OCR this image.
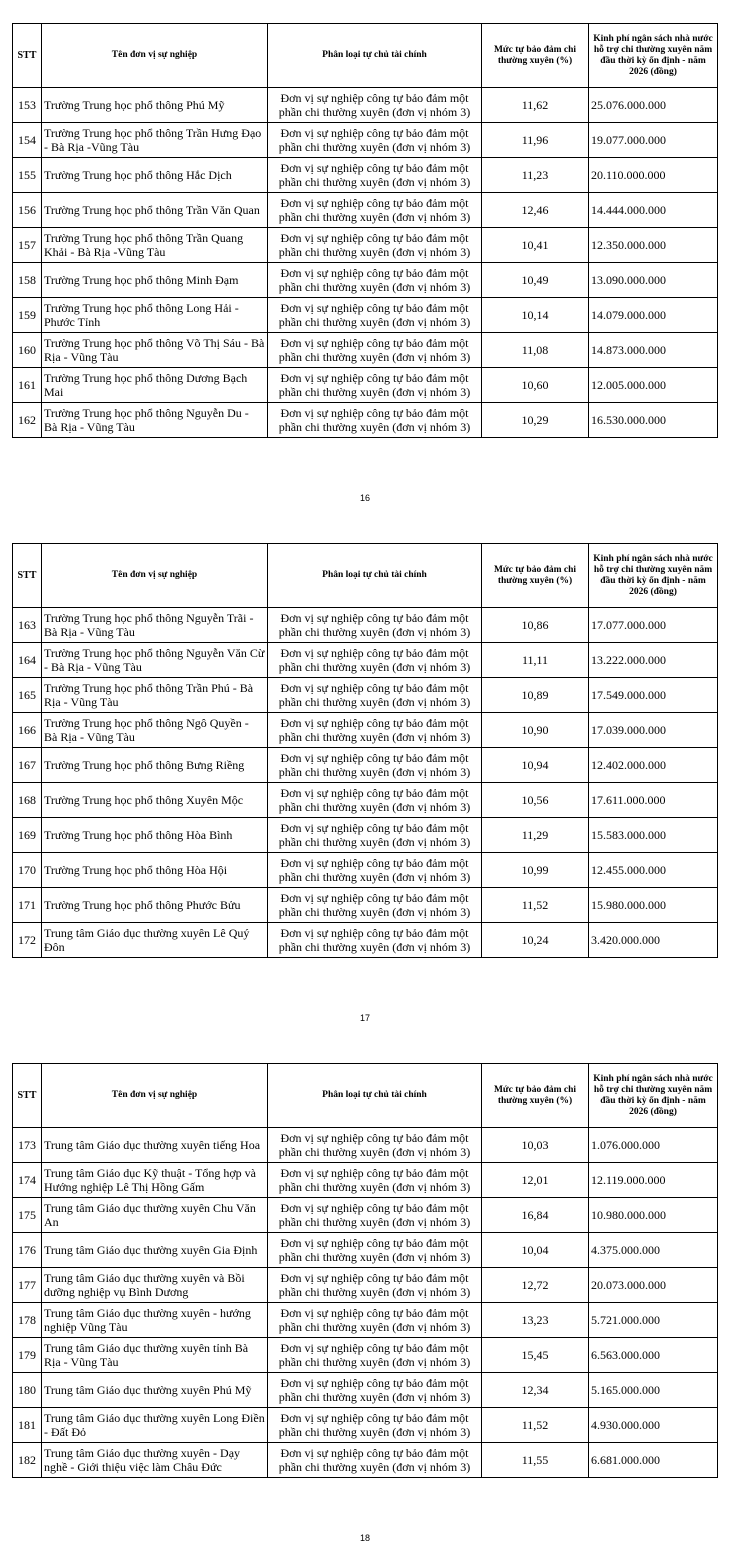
STT	Tên đơn vị sự nghiệp	Phân loại tự chủ tài chính	Mức tự bảo đảm chi thường xuyên (%)	Kinh phí ngân sách nhà nước hỗ trợ chi thường xuyên năm đầu thời kỳ ổn định - năm 2026 (đồng)
153	Trường Trung học phổ thông Phú Mỹ	Đơn vị sự nghiệp công tự bảo đảm một phần chi thường xuyên (đơn vị nhóm 3)	11,62	25.076.000.000
154	Trường Trung học phổ thông Trần Hưng Đạo - Bà Rịa -Vũng Tàu	Đơn vị sự nghiệp công tự bảo đảm một phần chi thường xuyên (đơn vị nhóm 3)	11,96	19.077.000.000
155	Trường Trung học phổ thông Hắc Dịch	Đơn vị sự nghiệp công tự bảo đảm một phần chi thường xuyên (đơn vị nhóm 3)	11,23	20.110.000.000
156	Trường Trung học phổ thông Trần Văn Quan	Đơn vị sự nghiệp công tự bảo đảm một phần chi thường xuyên (đơn vị nhóm 3)	12,46	14.444.000.000
157	Trường Trung học phổ thông Trần Quang Khải - Bà Rịa -Vũng Tàu	Đơn vị sự nghiệp công tự bảo đảm một phần chi thường xuyên (đơn vị nhóm 3)	10,41	12.350.000.000
158	Trường Trung học phổ thông Minh Đạm	Đơn vị sự nghiệp công tự bảo đảm một phần chi thường xuyên (đơn vị nhóm 3)	10,49	13.090.000.000
159	Trường Trung học phổ thông Long Hải - Phước Tỉnh	Đơn vị sự nghiệp công tự bảo đảm một phần chi thường xuyên (đơn vị nhóm 3)	10,14	14.079.000.000
160	Trường Trung học phổ thông Võ Thị Sáu - Bà Rịa - Vũng Tàu	Đơn vị sự nghiệp công tự bảo đảm một phần chi thường xuyên (đơn vị nhóm 3)	11,08	14.873.000.000
161	Trường Trung học phổ thông Dương Bạch Mai	Đơn vị sự nghiệp công tự bảo đảm một phần chi thường xuyên (đơn vị nhóm 3)	10,60	12.005.000.000
162	Trường Trung học phổ thông Nguyễn Du - Bà Rịa - Vũng Tàu	Đơn vị sự nghiệp công tự bảo đảm một phần chi thường xuyên (đơn vị nhóm 3)	10,29	16.530.000.000
16
STT	Tên đơn vị sự nghiệp	Phân loại tự chủ tài chính	Mức tự bảo đảm chi thường xuyên (%)	Kinh phí ngân sách nhà nước hỗ trợ chi thường xuyên năm đầu thời kỳ ổn định - năm 2026 (đồng)
163	Trường Trung học phổ thông Nguyễn Trãi - Bà Rịa - Vũng Tàu	Đơn vị sự nghiệp công tự bảo đảm một phần chi thường xuyên (đơn vị nhóm 3)	10,86	17.077.000.000
164	Trường Trung học phổ thông Nguyễn Văn Cừ - Bà Rịa - Vũng Tàu	Đơn vị sự nghiệp công tự bảo đảm một phần chi thường xuyên (đơn vị nhóm 3)	11,11	13.222.000.000
165	Trường Trung học phổ thông Trần Phú - Bà Rịa - Vũng Tàu	Đơn vị sự nghiệp công tự bảo đảm một phần chi thường xuyên (đơn vị nhóm 3)	10,89	17.549.000.000
166	Trường Trung học phổ thông Ngô Quyền - Bà Rịa - Vũng Tàu	Đơn vị sự nghiệp công tự bảo đảm một phần chi thường xuyên (đơn vị nhóm 3)	10,90	17.039.000.000
167	Trường Trung học phổ thông Bưng Riềng	Đơn vị sự nghiệp công tự bảo đảm một phần chi thường xuyên (đơn vị nhóm 3)	10,94	12.402.000.000
168	Trường Trung học phổ thông Xuyên Mộc	Đơn vị sự nghiệp công tự bảo đảm một phần chi thường xuyên (đơn vị nhóm 3)	10,56	17.611.000.000
169	Trường Trung học phổ thông Hòa Bình	Đơn vị sự nghiệp công tự bảo đảm một phần chi thường xuyên (đơn vị nhóm 3)	11,29	15.583.000.000
170	Trường Trung học phổ thông Hòa Hội	Đơn vị sự nghiệp công tự bảo đảm một phần chi thường xuyên (đơn vị nhóm 3)	10,99	12.455.000.000
171	Trường Trung học phổ thông Phước Bửu	Đơn vị sự nghiệp công tự bảo đảm một phần chi thường xuyên (đơn vị nhóm 3)	11,52	15.980.000.000
172	Trung tâm Giáo dục thường xuyên Lê Quý Đôn	Đơn vị sự nghiệp công tự bảo đảm một phần chi thường xuyên (đơn vị nhóm 3)	10,24	3.420.000.000
17
STT	Tên đơn vị sự nghiệp	Phân loại tự chủ tài chính	Mức tự bảo đảm chi thường xuyên (%)	Kinh phí ngân sách nhà nước hỗ trợ chi thường xuyên năm đầu thời kỳ ổn định - năm 2026 (đồng)
173	Trung tâm Giáo dục thường xuyên tiếng Hoa	Đơn vị sự nghiệp công tự bảo đảm một phần chi thường xuyên (đơn vị nhóm 3)	10,03	1.076.000.000
174	Trung tâm Giáo dục Kỹ thuật - Tổng hợp và Hướng nghiệp Lê Thị Hồng Gấm	Đơn vị sự nghiệp công tự bảo đảm một phần chi thường xuyên (đơn vị nhóm 3)	12,01	12.119.000.000
175	Trung tâm Giáo dục thường xuyên Chu Văn An	Đơn vị sự nghiệp công tự bảo đảm một phần chi thường xuyên (đơn vị nhóm 3)	16,84	10.980.000.000
176	Trung tâm Giáo dục thường xuyên Gia Định	Đơn vị sự nghiệp công tự bảo đảm một phần chi thường xuyên (đơn vị nhóm 3)	10,04	4.375.000.000
177	Trung tâm Giáo dục thường xuyên và Bồi dưỡng nghiệp vụ Bình Dương	Đơn vị sự nghiệp công tự bảo đảm một phần chi thường xuyên (đơn vị nhóm 3)	12,72	20.073.000.000
178	Trung tâm Giáo dục thường xuyên - hướng nghiệp Vũng Tàu	Đơn vị sự nghiệp công tự bảo đảm một phần chi thường xuyên (đơn vị nhóm 3)	13,23	5.721.000.000
179	Trung tâm Giáo dục thường xuyên tỉnh Bà Rịa - Vũng Tàu	Đơn vị sự nghiệp công tự bảo đảm một phần chi thường xuyên (đơn vị nhóm 3)	15,45	6.563.000.000
180	Trung tâm Giáo dục thường xuyên Phú Mỹ	Đơn vị sự nghiệp công tự bảo đảm một phần chi thường xuyên (đơn vị nhóm 3)	12,34	5.165.000.000
181	Trung tâm Giáo dục thường xuyên Long Điền - Đất Đỏ	Đơn vị sự nghiệp công tự bảo đảm một phần chi thường xuyên (đơn vị nhóm 3)	11,52	4.930.000.000
182	Trung tâm Giáo dục thường xuyên - Dạy nghề - Giới thiệu việc làm Châu Đức	Đơn vị sự nghiệp công tự bảo đảm một phần chi thường xuyên (đơn vị nhóm 3)	11,55	6.681.000.000
18
